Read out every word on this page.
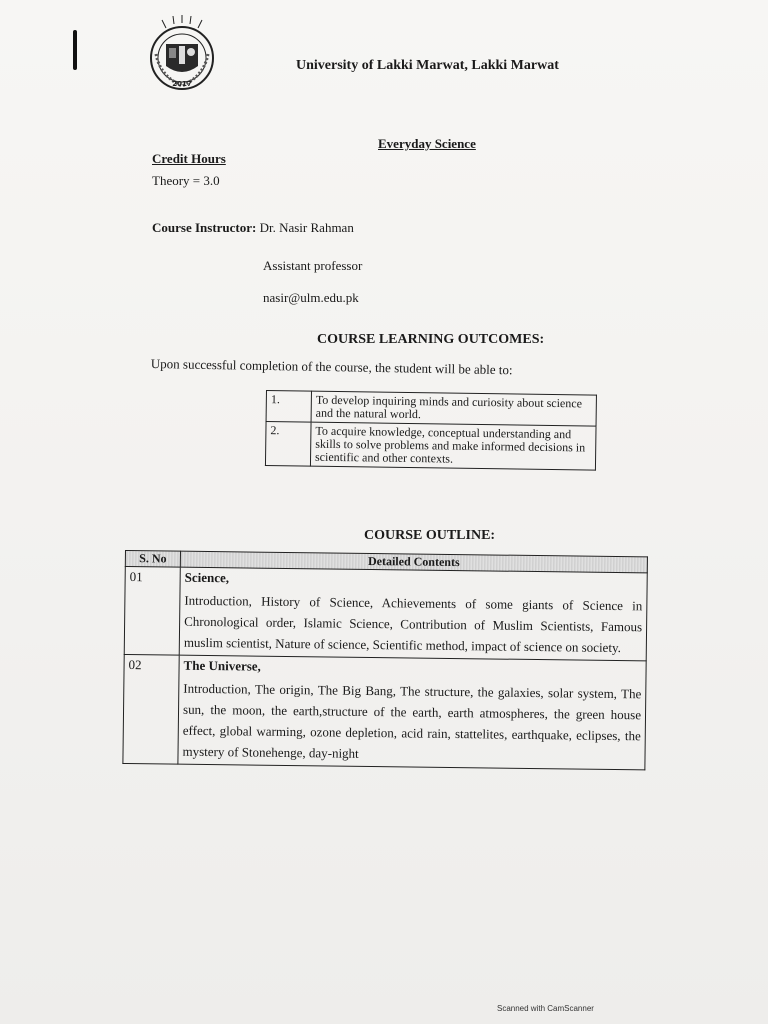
2017
University of Lakki Marwat, Lakki Marwat
Everyday Science
Credit Hours
Theory = 3.0
Course Instructor: Dr. Nasir Rahman
Assistant professor
nasir@ulm.edu.pk
COURSE LEARNING OUTCOMES:
Upon successful completion of the course, the student will be able to:
1.	To develop inquiring minds and curiosity about science and the natural world.
2.	To acquire knowledge, conceptual understanding and skills to solve problems and make informed decisions in scientific and other contexts.
COURSE OUTLINE:
S. No	Detailed Contents
01	Science,
Introduction, History of Science, Achievements of some giants of Science in Chronological order, Islamic Science, Contribution of Muslim Scientists, Famous muslim scientist, Nature of science, Scientific method, impact of science on society.

02	The Universe,
Introduction, The origin, The Big Bang, The structure, the galaxies, solar system, The sun, the moon, the earth,structure of the earth, earth atmospheres, the green house effect, global warming, ozone depletion, acid rain, stattelites, earthquake, eclipses, the mystery of Stonehenge, day-night
Scanned with CamScanner
